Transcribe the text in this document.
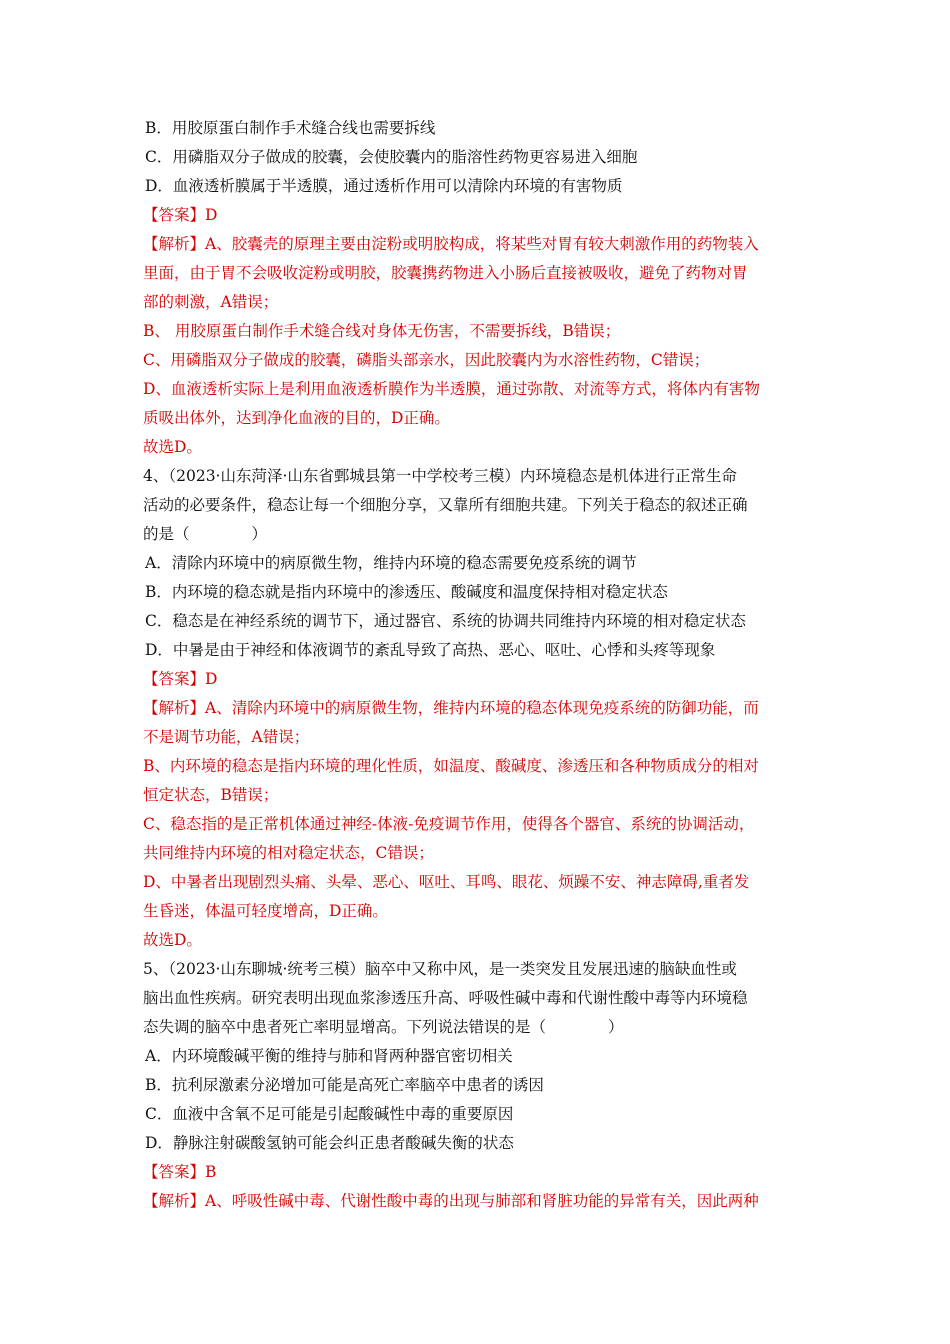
B．用胶原蛋白制作手术缝合线也需要拆线
C．用磷脂双分子做成的胶囊，会使胶囊内的脂溶性药物更容易进入细胞
D．血液透析膜属于半透膜，通过透析作用可以清除内环境的有害物质
【答案】D
【解析】A、胶囊壳的原理主要由淀粉或明胶构成，将某些对胃有较大刺激作用的药物装入
里面，由于胃不会吸收淀粉或明胶，胶囊携药物进入小肠后直接被吸收，避免了药物对胃
部的刺激，A错误；
B、 用胶原蛋白制作手术缝合线对身体无伤害，不需要拆线，B错误；
C、用磷脂双分子做成的胶囊，磷脂头部亲水，因此胶囊内为水溶性药物，C错误；
D、血液透析实际上是利用血液透析膜作为半透膜，通过弥散、对流等方式，将体内有害物
质吸出体外，达到净化血液的目的，D正确。
故选D。
4、（2023·山东菏泽·山东省鄄城县第一中学校考三模）内环境稳态是机体进行正常生命
活动的必要条件，稳态让每一个细胞分享，又靠所有细胞共建。下列关于稳态的叙述正确
的是（　　　　）
A．清除内环境中的病原微生物，维持内环境的稳态需要免疫系统的调节
B．内环境的稳态就是指内环境中的渗透压、酸碱度和温度保持相对稳定状态
C．稳态是在神经系统的调节下，通过器官、系统的协调共同维持内环境的相对稳定状态
D．中暑是由于神经和体液调节的紊乱导致了高热、恶心、呕吐、心悸和头疼等现象
【答案】D
【解析】A、清除内环境中的病原微生物，维持内环境的稳态体现免疫系统的防御功能，而
不是调节功能，A错误；
B、内环境的稳态是指内环境的理化性质，如温度、酸碱度、渗透压和各种物质成分的相对
恒定状态，B错误；
C、稳态指的是正常机体通过神经-体液-免疫调节作用，使得各个器官、系统的协调活动，
共同维持内环境的相对稳定状态，C错误；
D、中暑者出现剧烈头痛、头晕、恶心、呕吐、耳鸣、眼花、烦躁不安、神志障碍,重者发
生昏迷，体温可轻度增高，D正确。
故选D。
5、（2023·山东聊城·统考三模）脑卒中又称中风，是一类突发且发展迅速的脑缺血性或
脑出血性疾病。研究表明出现血浆渗透压升高、呼吸性碱中毒和代谢性酸中毒等内环境稳
态失调的脑卒中患者死亡率明显增高。下列说法错误的是（　　　　）
A．内环境酸碱平衡的维持与肺和肾两种器官密切相关
B．抗利尿激素分泌增加可能是高死亡率脑卒中患者的诱因
C．血液中含氧不足可能是引起酸碱性中毒的重要原因
D．静脉注射碳酸氢钠可能会纠正患者酸碱失衡的状态
【答案】B
【解析】A、呼吸性碱中毒、代谢性酸中毒的出现与肺部和肾脏功能的异常有关，因此两种
